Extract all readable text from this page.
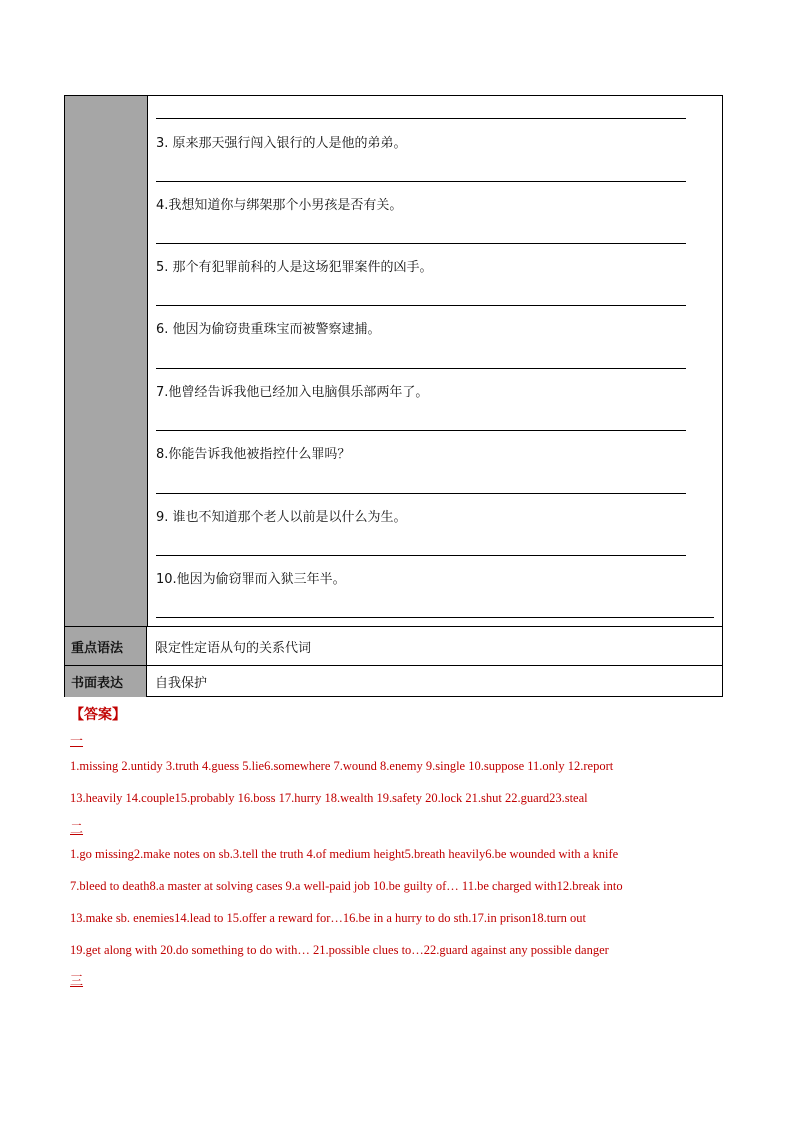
3. 原来那天强行闯入银行的人是他的弟弟。
4.我想知道你与绑架那个小男孩是否有关。
5. 那个有犯罪前科的人是这场犯罪案件的凶手。
6. 他因为偷窃贵重珠宝而被警察逮捕。
7.他曾经告诉我他已经加入电脑俱乐部两年了。
8.你能告诉我他被指控什么罪吗？
9. 谁也不知道那个老人以前是以什么为生。
10.他因为偷窃罪而入狱三年半。
重点语法	限定性定语从句的关系代词
书面表达	自我保护
【答案】
一
1.missing 2.untidy 3.truth 4.guess 5.lie6.somewhere 7.wound 8.enemy 9.single 10.suppose 11.only 12.report
13.heavily 14.couple15.probably 16.boss 17.hurry 18.wealth 19.safety 20.lock 21.shut 22.guard23.steal
二
1.go missing2.make notes on sb.3.tell the truth 4.of medium height5.breath heavily6.be wounded with a knife
7.bleed to death8.a master at solving cases 9.a well-paid job 10.be guilty of… 11.be charged with12.break into
13.make sb. enemies14.lead to 15.offer a reward for…16.be in a hurry to do sth.17.in prison18.turn out
19.get along with 20.do something to do with… 21.possible clues to…22.guard against any possible danger
三
